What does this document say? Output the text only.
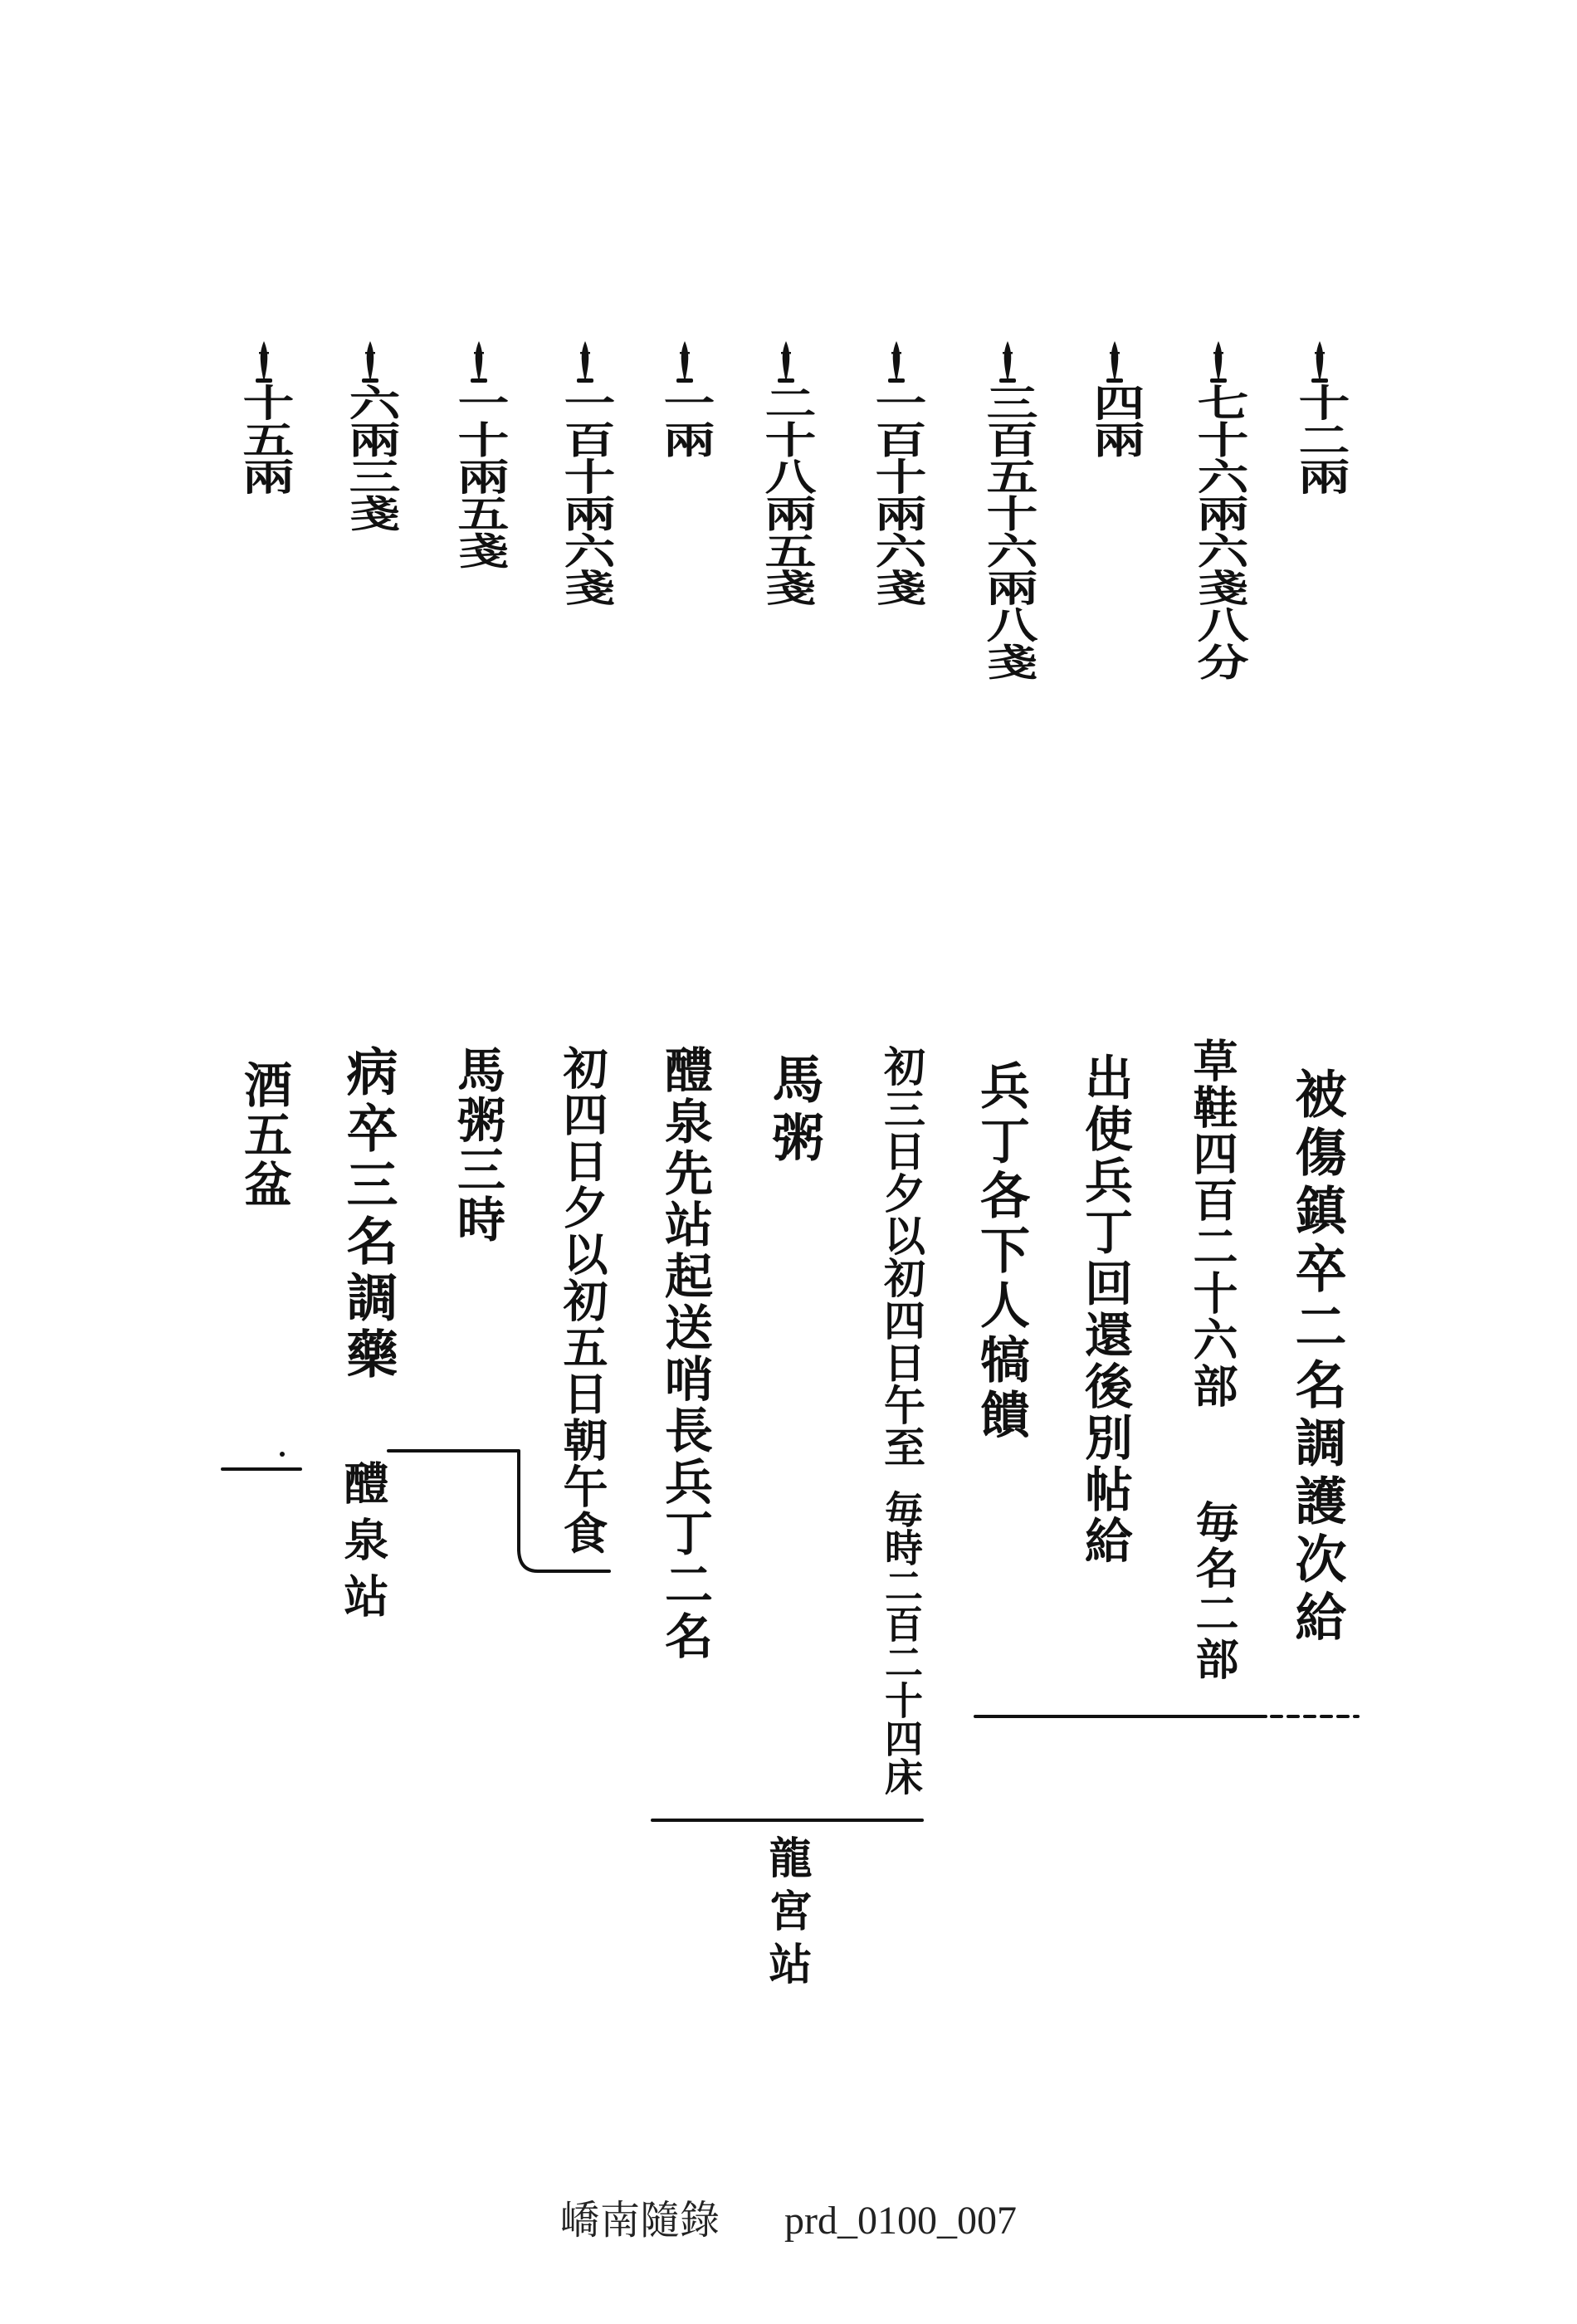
十二兩
七十六兩六戔八分
四兩
三百五十六兩八戔
一百十兩六戔
二十八兩五戔
一兩
一百十兩六戔
一十兩五戔
六兩三戔
十五兩
被傷鎮卒二名調護次給
草鞋四百二十六部
毎名二部
出使兵丁回還後別帖給
兵丁各下人犒饋
初三日夕以初四日午至
毎時二百二十四床
馬粥
醴泉先站起送哨長兵丁二名
初四日夕以初五日朝午食
馬粥三時
病卒三名調藥
酒五盆
醴泉站
龍宮站
嶠南隨錄 prd_0100_007
